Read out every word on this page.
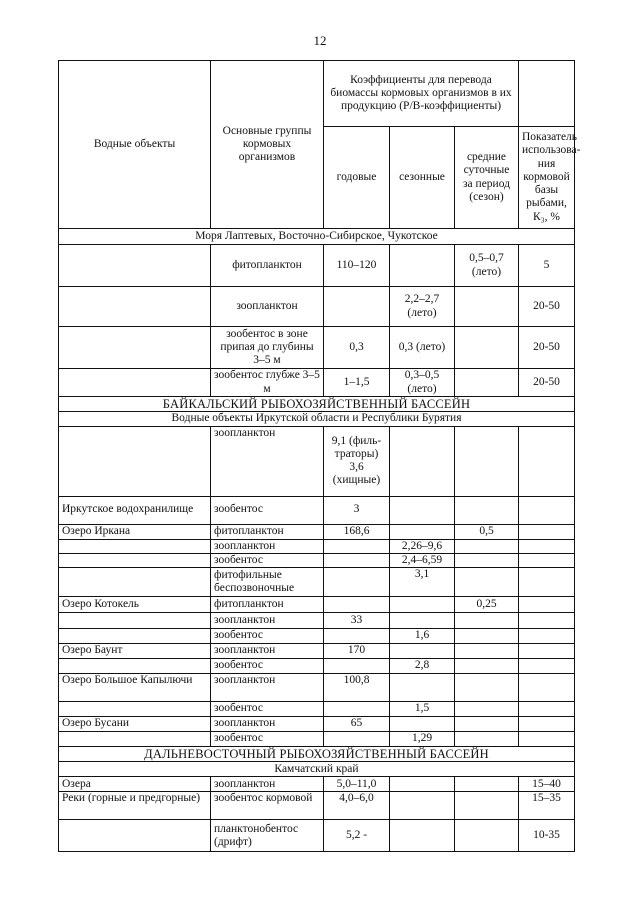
12
Водные объекты	Основные группы кормовых организмов	Коэффициенты для перевода биомассы кормовых организмов в их продукцию (Р/В-коэффициенты)			
		годовые	сезонные	средние суточные за период (сезон)	Показатель использова-ния кормовой базы рыбами, К₃, %
Моря Лаптевых, Восточно-Сибирское, Чукотское					
	фитопланктон	110–120		0,5–0,7 (лето)	5
	зоопланктон		2,2–2,7 (лето)		20-50
	зообентос в зоне припая до глубины 3–5 м	0,3	0,3 (лето)		20-50
	зообентос глубже 3–5 м	1–1,5	0,3–0,5 (лето)		20-50
БАЙКАЛЬСКИЙ РЫБОХОЗЯЙСТВЕННЫЙ БАССЕЙН					
Водные объекты Иркутской области и Республики Бурятия					
	зоопланктон	9,1 (филь-траторы) 3,6 (хищные)			
Иркутское водохранилище	зообентос	3			
Озеро Иркана	фитопланктон	168,6		0,5	
	зоопланктон		2,26–9,6		
	зообентос		2,4–6,59		
	фитофильные беспозвоночные		3,1		
Озеро Котокель	фитопланктон			0,25	
	зоопланктон	33			
	зообентос		1,6		
Озеро Баунт	зоопланктон	170			
	зообентос		2,8		
Озеро Большое Капылючи	зоопланктон	100,8			
	зообентос		1,5		
Озеро Бусани	зоопланктон	65			
	зообентос		1,29		
ДАЛЬНЕВОСТОЧНЫЙ РЫБОХОЗЯЙСТВЕННЫЙ БАССЕЙН					
Камчатский край					
Озера	зоопланктон	5,0–11,0			15–40
Реки (горные и предгорные)	зообентос кормовой	4,0–6,0			15–35
	планктонобентос (дрифт)	5,2 -			10-35
